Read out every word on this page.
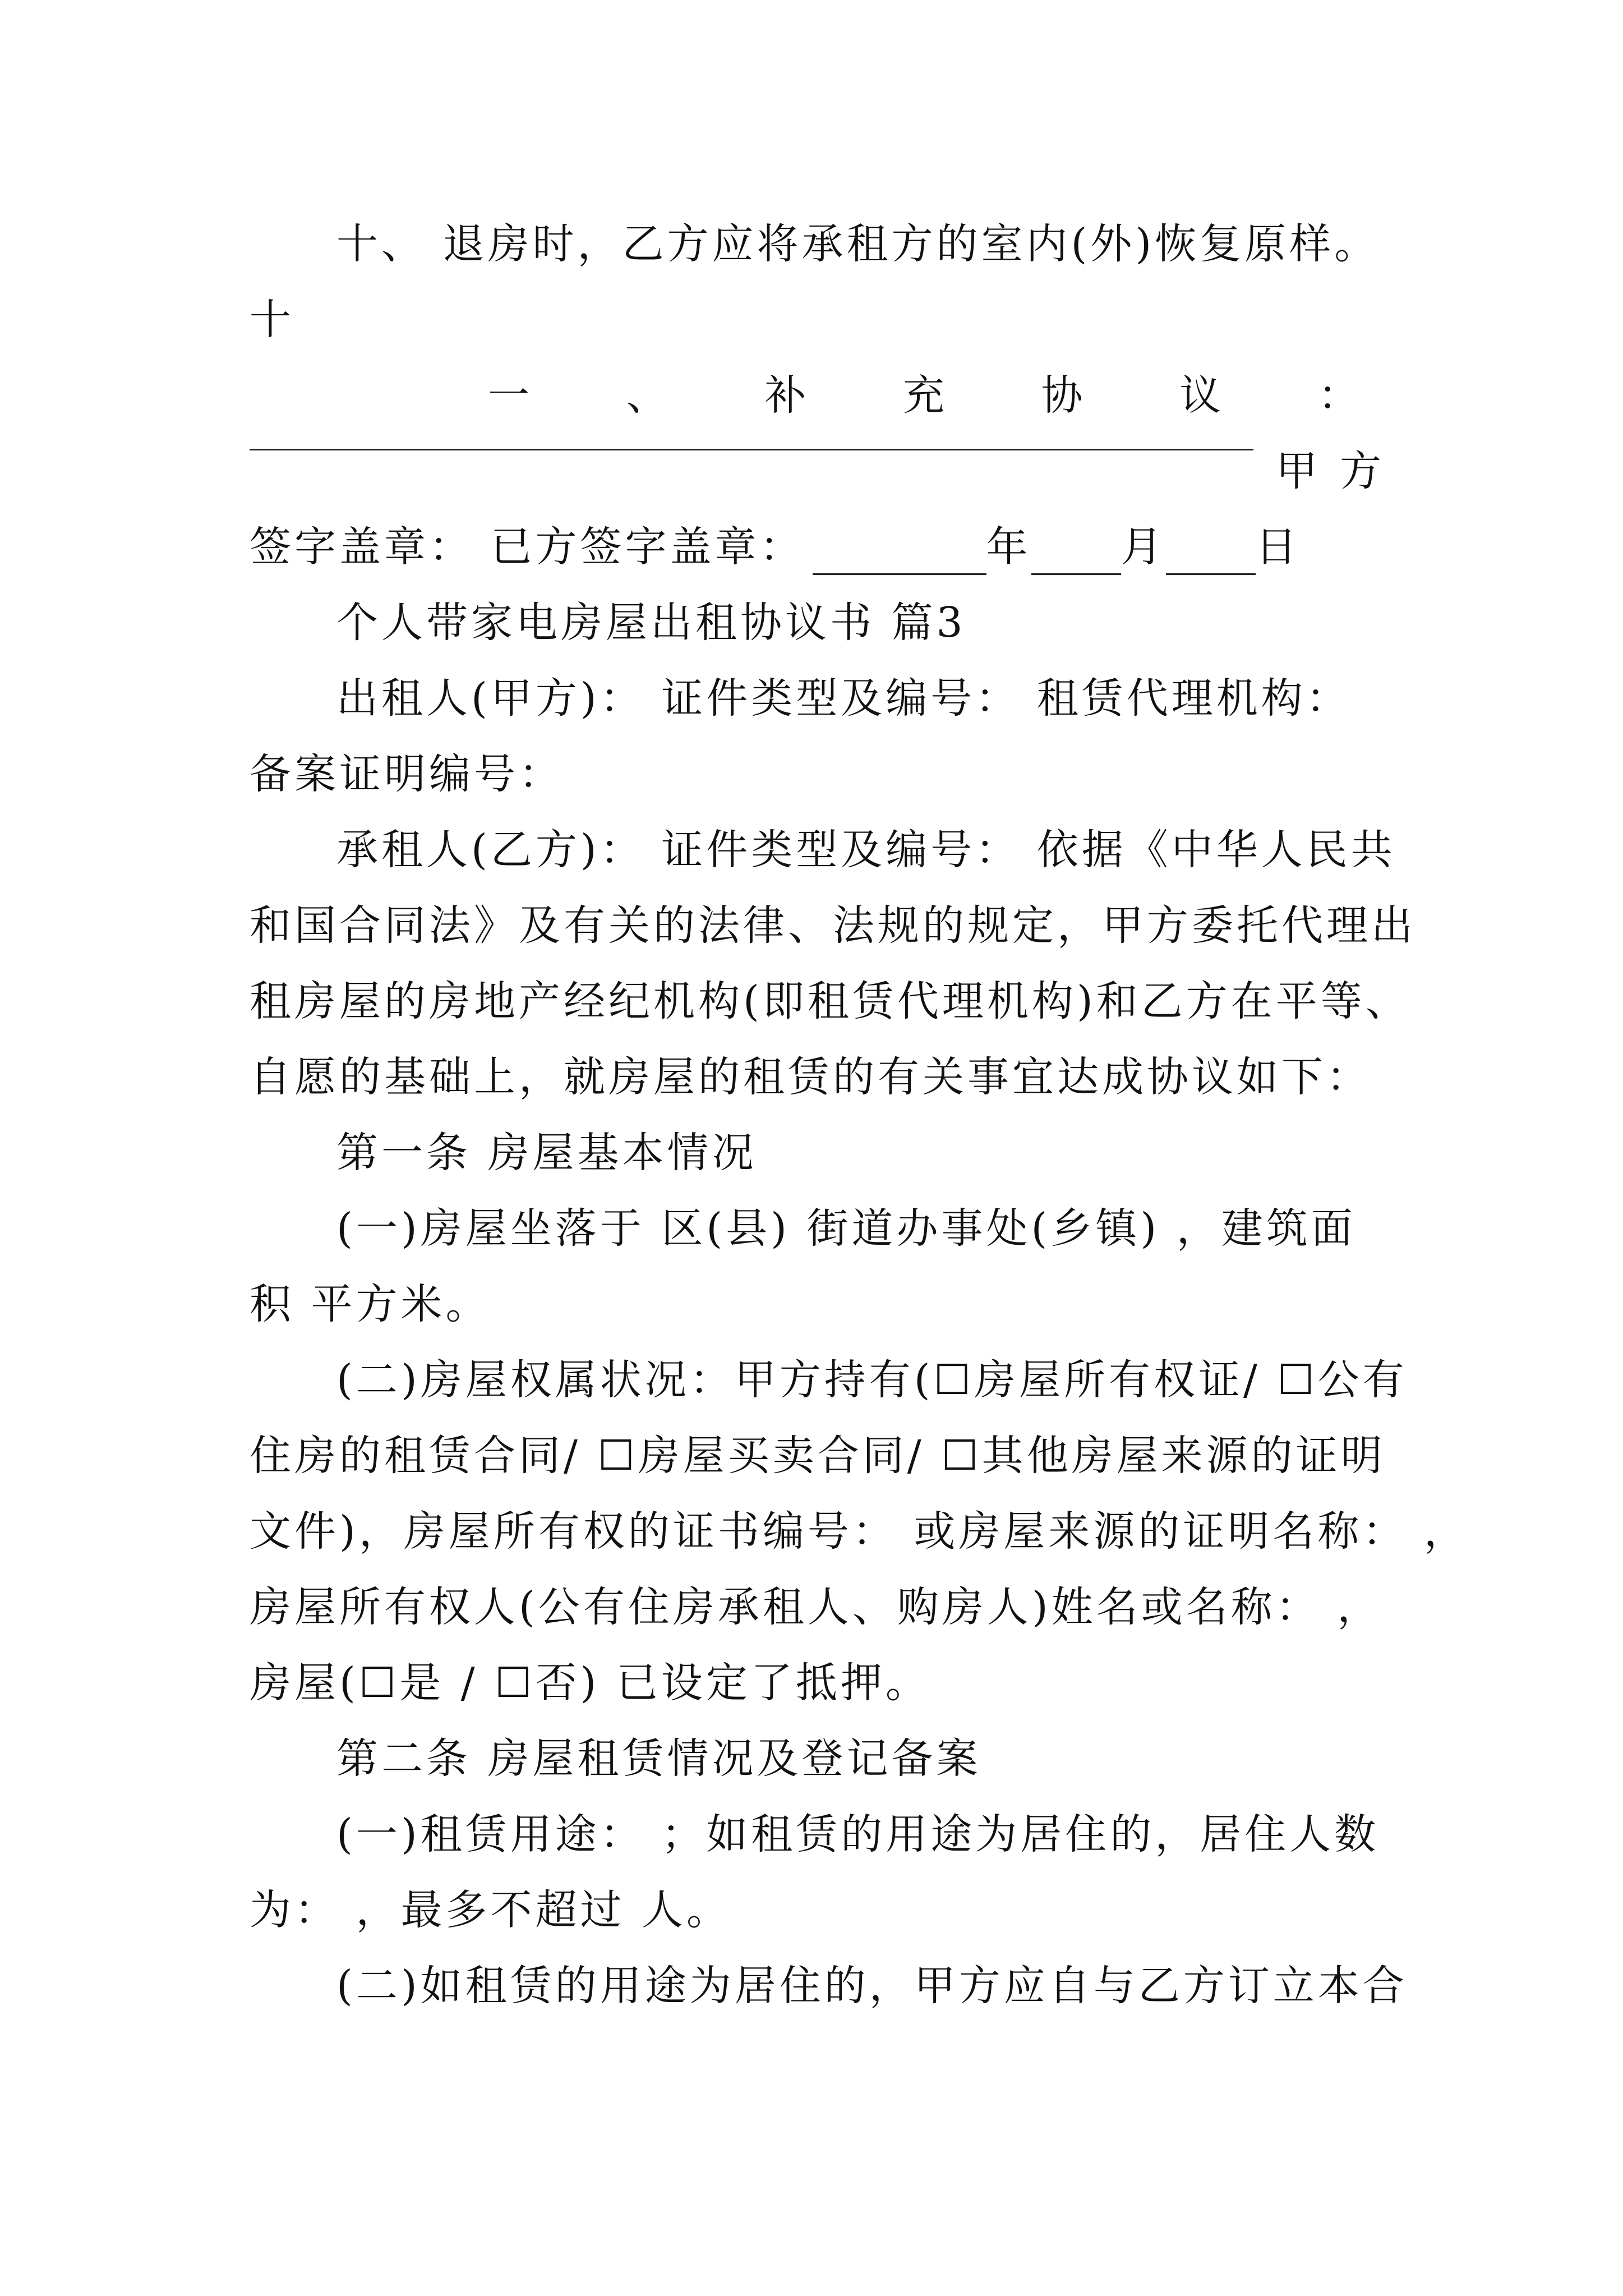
十、 退房时，乙方应将承租方的室内(外)恢复原样。
十
一 、 补 充 协 议 ：
甲方
签字盖章： 已方签字盖章：	年 月 日
个人带家电房屋出租协议书 篇3
出租人(甲方)： 证件类型及编号： 租赁代理机构：
备案证明编号：
承租人(乙方)： 证件类型及编号： 依据《中华人民共
和国合同法》及有关的法律、法规的规定，甲方委托代理出
租房屋的房地产经纪机构(即租赁代理机构)和乙方在平等、
自愿的基础上，就房屋的租赁的有关事宜达成协议如下：
第一条 房屋基本情况
(一)房屋坐落于 区(县) 街道办事处(乡镇) ，建筑面
积 平方米。
(二)房屋权属状况：甲方持有(☐房屋所有权证/ ☐公有
住房的租赁合同/ ☐房屋买卖合同/ ☐其他房屋来源的证明
文件)，房屋所有权的证书编号： 或房屋来源的证明名称： ，
房屋所有权人(公有住房承租人、购房人)姓名或名称： ，
房屋(☐是 / ☐否) 已设定了抵押。
第二条 房屋租赁情况及登记备案
(一)租赁用途： ；如租赁的用途为居住的，居住人数
为： ，最多不超过 人。
(二)如租赁的用途为居住的，甲方应自与乙方订立本合
